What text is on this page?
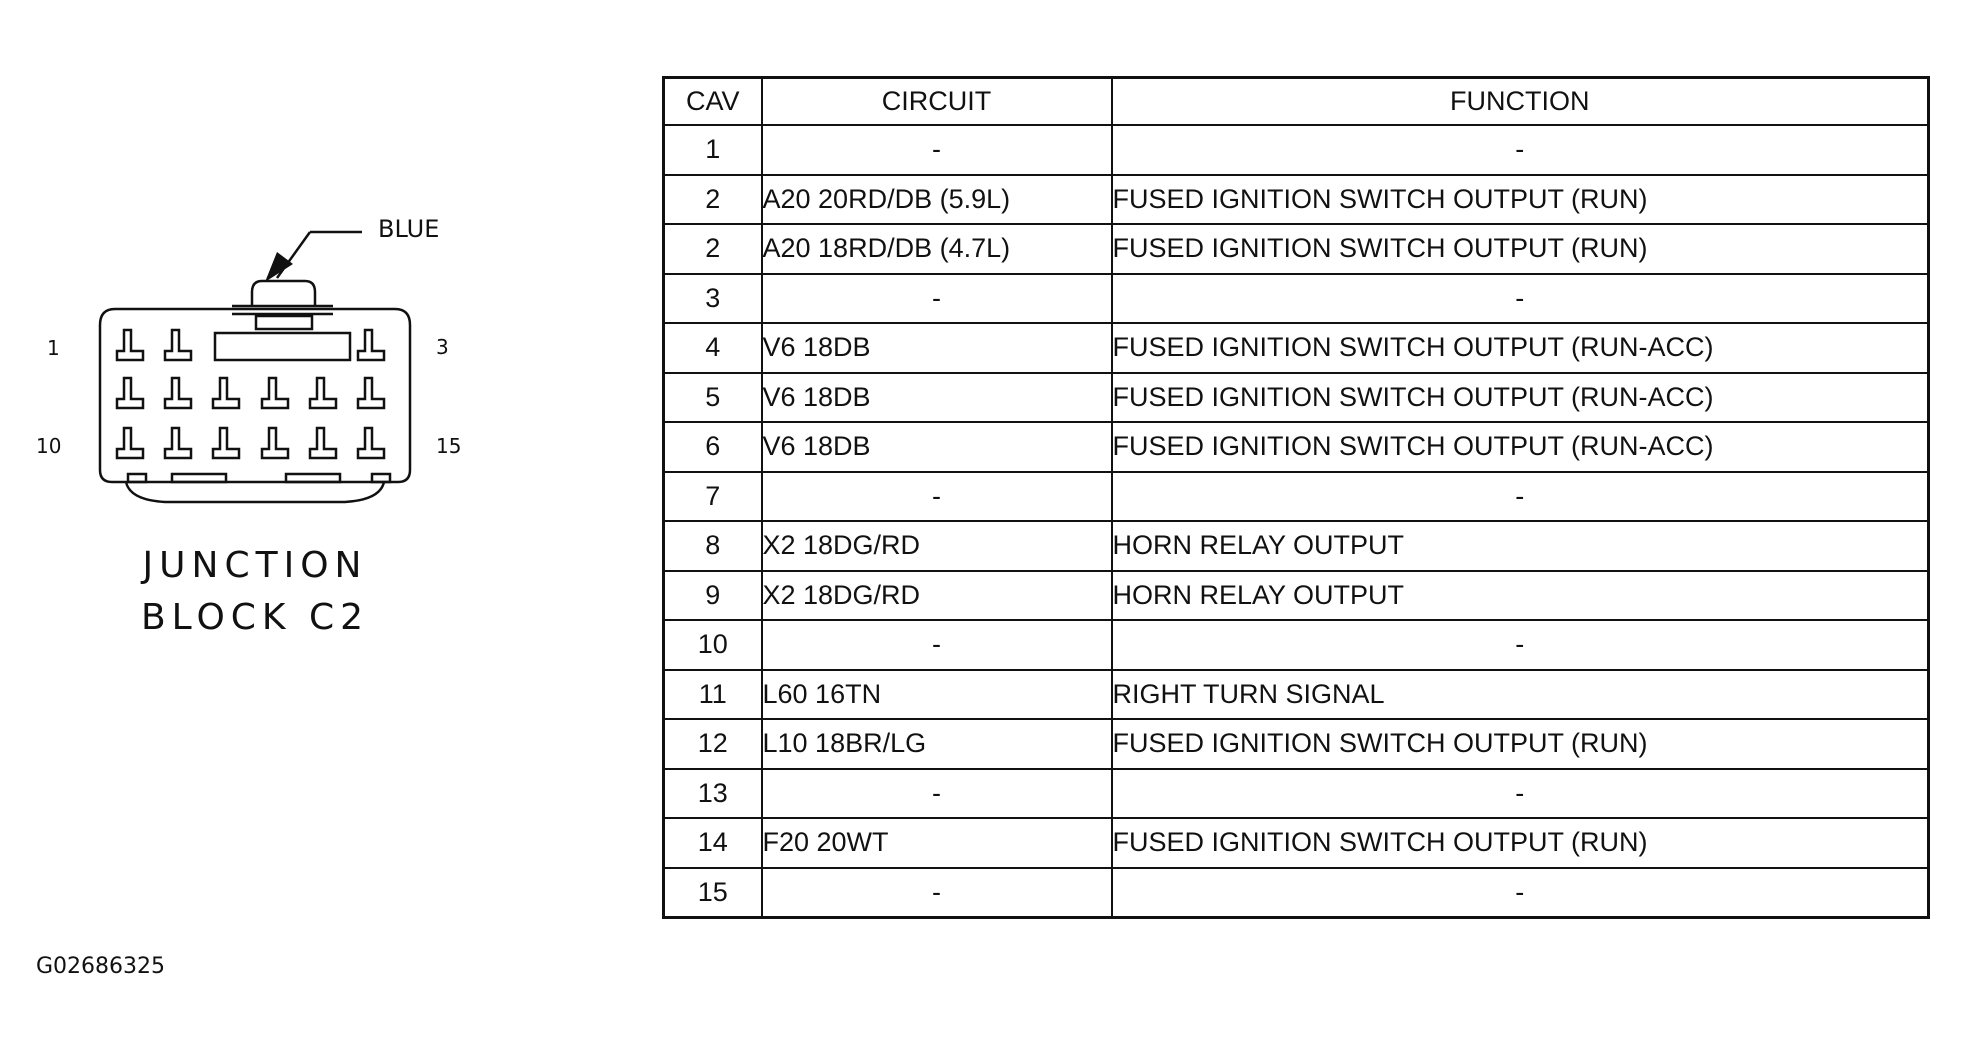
BLUE
1	3
10	15
JUNCTION
BLOCK C2
G02686325
CAV	CIRCUIT	FUNCTION
1	-	-
2	A20 20RD/DB (5.9L)	FUSED IGNITION SWITCH OUTPUT (RUN)
2	A20 18RD/DB (4.7L)	FUSED IGNITION SWITCH OUTPUT (RUN)
3	-	-
4	V6 18DB	FUSED IGNITION SWITCH OUTPUT (RUN-ACC)
5	V6 18DB	FUSED IGNITION SWITCH OUTPUT (RUN-ACC)
6	V6 18DB	FUSED IGNITION SWITCH OUTPUT (RUN-ACC)
7	-	-
8	X2 18DG/RD	HORN RELAY OUTPUT
9	X2 18DG/RD	HORN RELAY OUTPUT
10	-	-
11	L60 16TN	RIGHT TURN SIGNAL
12	L10 18BR/LG	FUSED IGNITION SWITCH OUTPUT (RUN)
13	-	-
14	F20 20WT	FUSED IGNITION SWITCH OUTPUT (RUN)
15	-	-
